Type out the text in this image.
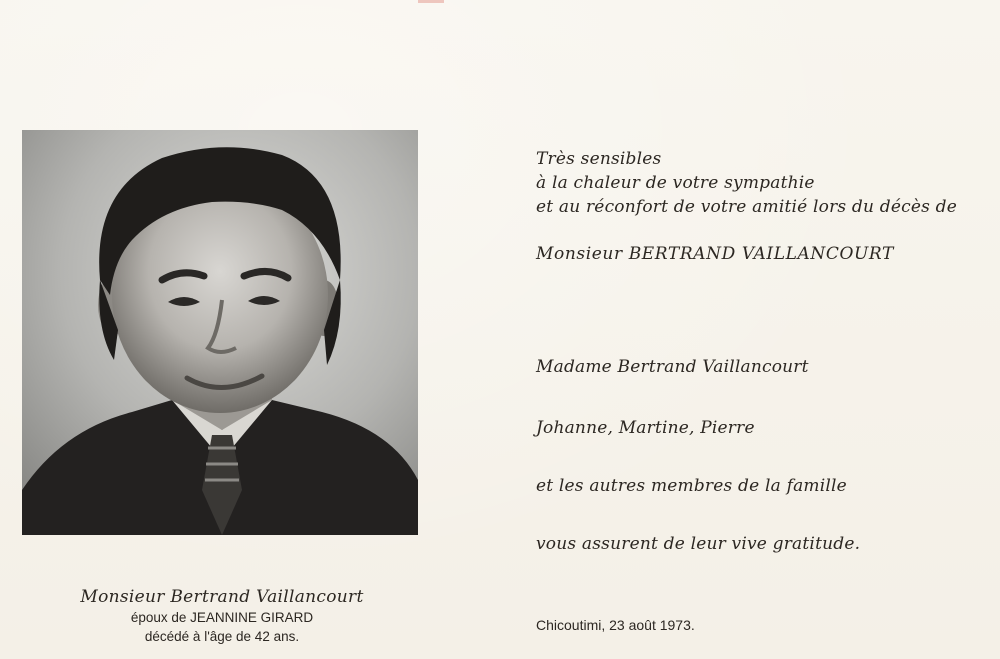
Monsieur Bertrand Vaillancourt
époux de JEANNINE GIRARD
décédé à l'âge de 42 ans.
Très sensibles
à la chaleur de votre sympathie
et au réconfort de votre amitié lors du décès de
Monsieur BERTRAND VAILLANCOURT
Madame Bertrand Vaillancourt
Johanne, Martine, Pierre
et les autres membres de la famille
vous assurent de leur vive gratitude.
Chicoutimi, 23 août 1973.
